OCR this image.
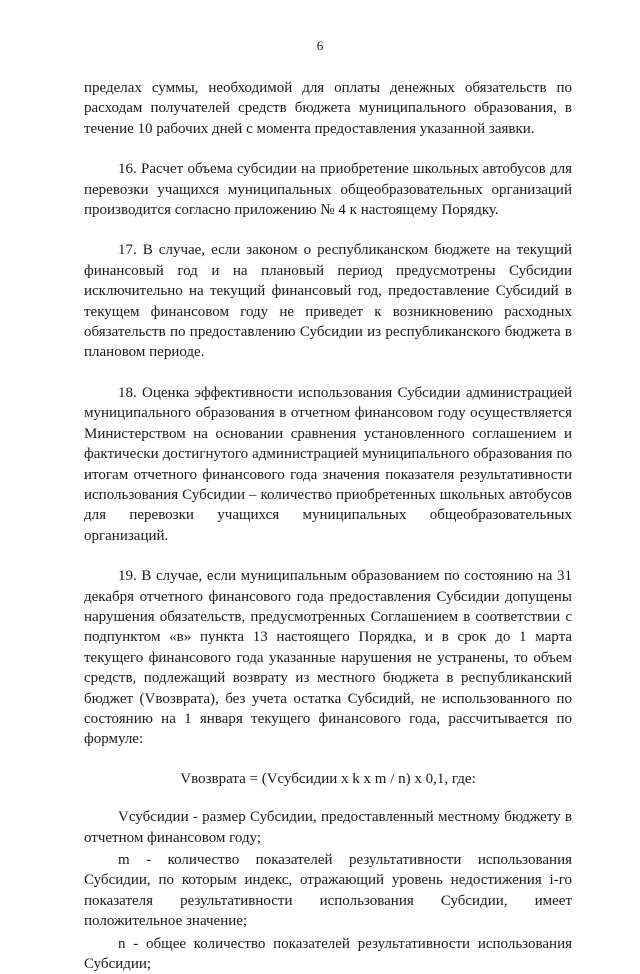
6

пределах суммы, необходимой для оплаты денежных обязательств по расходам получателей средств бюджета муниципального образования, в течение 10 рабочих дней с момента предоставления указанной заявки.

16. Расчет объема субсидии на приобретение школьных автобусов для перевозки учащихся муниципальных общеобразовательных организаций производится согласно приложению № 4 к настоящему Порядку.

17. В случае, если законом о республиканском бюджете на текущий финансовый год и на плановый период предусмотрены Субсидии исключительно на текущий финансовый год, предоставление Субсидий в текущем финансовом году не приведет к возникновению расходных обязательств по предоставлению Субсидии из республиканского бюджета в плановом периоде.

18. Оценка эффективности использования Субсидии администрацией муниципального образования в отчетном финансовом году осуществляется Министерством на основании сравнения установленного соглашением и фактически достигнутого администрацией муниципального образования по итогам отчетного финансового года значения показателя результативности использования Субсидии – количество приобретенных школьных автобусов для перевозки учащихся муниципальных общеобразовательных организаций.

19. В случае, если муниципальным образованием по состоянию на 31 декабря отчетного финансового года предоставления Субсидии допущены нарушения обязательств, предусмотренных Соглашением в соответствии с подпунктом «в» пункта 13 настоящего Порядка, и в срок до 1 марта текущего финансового года указанные нарушения не устранены, то объем средств, подлежащий возврату из местного бюджета в республиканский бюджет (Vвозврата), без учета остатка Субсидий, не использованного по состоянию на 1 января текущего финансового года, рассчитывается по формуле:

Vвозврата = (Vсубсидии x k x m / n) x 0,1, где:

Vсубсидии - размер Субсидии, предоставленный местному бюджету в отчетном финансовом году;

m - количество показателей результативности использования Субсидии, по которым индекс, отражающий уровень недостижения i-го показателя результативности использования Субсидии, имеет положительное значение;

n - общее количество показателей результативности использования Субсидии;
